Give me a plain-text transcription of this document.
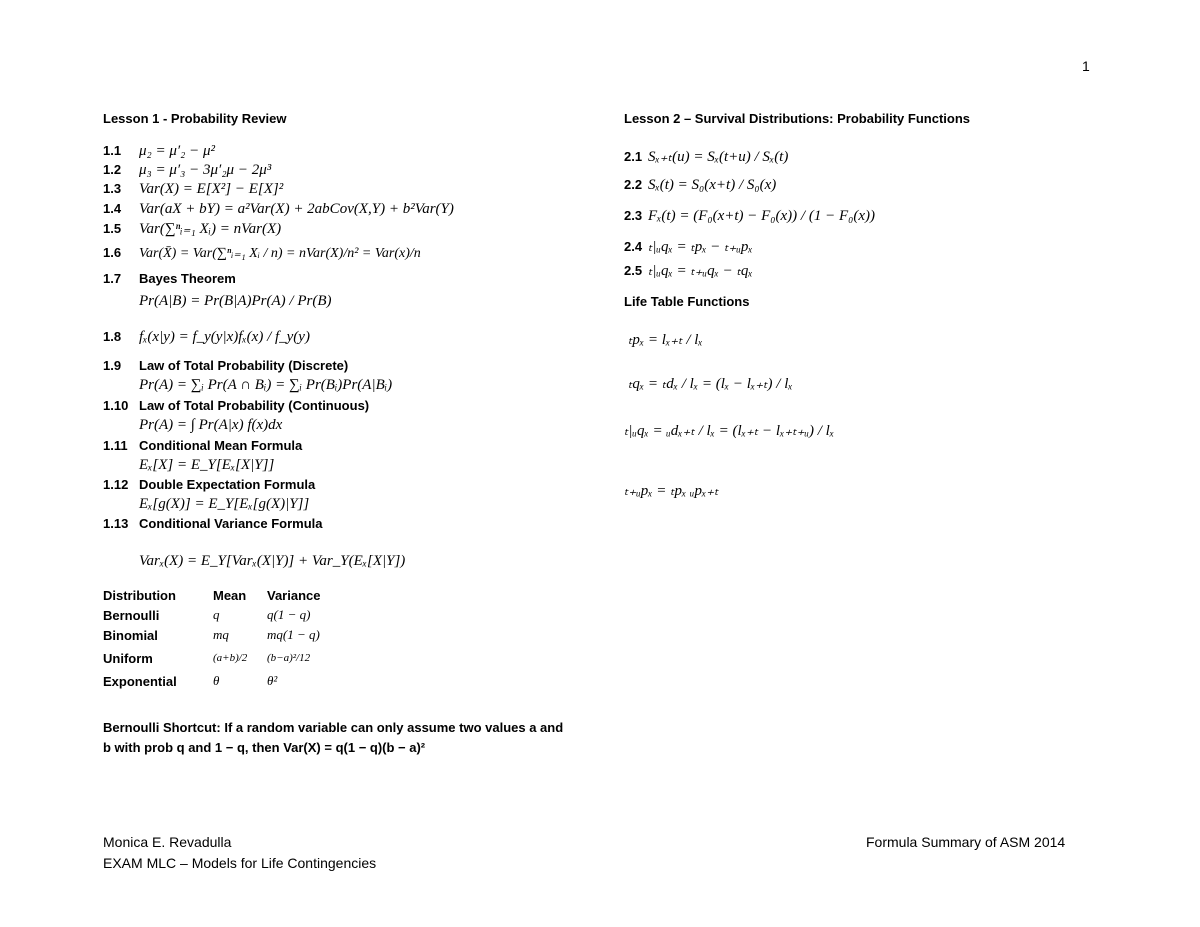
1
Lesson 1 - Probability Review
1.1 μ₂ = μ′₂ − μ²
1.2 μ₃ = μ′₃ − 3μ′₂μ − 2μ³
1.3 Var(X) = E[X²] − E[X]²
1.4 Var(aX + bY) = a²Var(X) + 2abCov(X,Y) + b²Var(Y)
1.5 Var(∑ⁿᵢ₌₁ Xᵢ) = nVar(X)
1.6 Var(X̄) = Var(∑ⁿᵢ₌₁ Xᵢ / n) = nVar(X)/n² = Var(x)/n
1.7 Bayes Theorem
Pr(A|B) = Pr(B|A)Pr(A) / Pr(B)
1.8 fₓ(x|y) = f_y(y|x)fₓ(x) / f_y(y)
1.9 Law of Total Probability (Discrete)
Pr(A) = ∑ᵢ Pr(A ∩ Bᵢ) = ∑ᵢ Pr(Bᵢ)Pr(A|Bᵢ)
1.10 Law of Total Probability (Continuous)
Pr(A) = ∫ Pr(A|x) f(x)dx
1.11 Conditional Mean Formula
Eₓ[X] = E_Y[Eₓ[X|Y]]
1.12 Double Expectation Formula
Eₓ[g(X)] = E_Y[Eₓ[g(X)|Y]]
1.13 Conditional Variance Formula
Varₓ(X) = E_Y[Varₓ(X|Y)] + Var_Y(Eₓ[X|Y])
Distribution	Mean	Variance
Bernoulli	q	q(1 − q)
Binomial	mq	mq(1 − q)
Uniform	(a+b)/2	(b−a)²/12
Exponential	θ	θ²
Bernoulli Shortcut: If a random variable can only assume two values a and
b with prob q and 1 − q, then Var(X) = q(1 − q)(b − a)²
Lesson 2 – Survival Distributions: Probability Functions
2.1 Sₓ₊ₜ(u) = Sₓ(t+u) / Sₓ(t)
2.2 Sₓ(t) = S₀(x+t) / S₀(x)
2.3 Fₓ(t) = (F₀(x+t) − F₀(x)) / (1 − F₀(x))
2.4 ₜ|ᵤqₓ = ₜpₓ − ₜ₊ᵤpₓ
2.5 ₜ|ᵤqₓ = ₜ₊ᵤqₓ − ₜqₓ
Life Table Functions
ₜpₓ = lₓ₊ₜ / lₓ
ₜqₓ = ₜdₓ / lₓ = (lₓ − lₓ₊ₜ) / lₓ
ₜ|ᵤqₓ = ᵤdₓ₊ₜ / lₓ = (lₓ₊ₜ − lₓ₊ₜ₊ᵤ) / lₓ
ₜ₊ᵤpₓ = ₜpₓ ᵤpₓ₊ₜ
Monica E. Revadulla
EXAM MLC – Models for Life Contingencies
Formula Summary of ASM 2014
